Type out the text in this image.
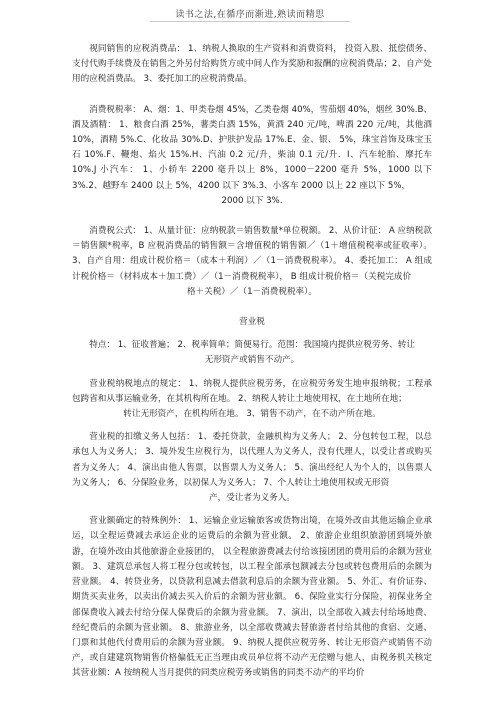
读书之法,在循序而渐进,熟读而精思

视同销售的应税消费品： 1、纳税人换取的生产资料和消费资料， 投资入股、抵偿债务、支付代购手续费及在销售之外另付给购货方或中间人作为奖励和报酬的应税消费品；2、自产处用的应税消费品。 3、委托加工的应税消费品。

消费税税率： A、烟：1、甲类卷烟 45%，乙类卷烟 40%，雪茄烟 40%，烟丝 30%.B、酒及酒精： 1、粮食白酒 25%，薯类白酒 15%，黄酒 240 元/吨，啤酒 220 元/吨，其他酒 10%，酒精 5%.C、化妆品 30%.D、护肤护发品 17%.E、金、银、 5%，珠宝首饰及珠宝玉石 10%.F、鞭炮、焰火 15%.H、汽油 0.2 元/升，柴油 0.1 元/升．I、汽车轮胎、摩托车 10%.J 小汽车： 1、小轿车 2200 毫升以上 8%，1000－2200 毫升 5%，1000 以下 3%.2、越野车 2400 以上 5%，4200 以下 3%.3、小客车 2000 以上 22 座以下 5%，

2000 以下 3%.

消费税公式： 1、从量计征：应纳税款＝销售数量*单位税额。 2、从价计征： A 应纳税款＝销售额*税率，B 应税消费品的销售额＝含增值税的销售额／（1＋增值税税率或征收率）。3、自产自用：组成计税价格＝（成本＋利润）／（1－消费税税率）。 4、委托加工： A 组成计税价格＝（材料成本＋加工费）／（1－消费税税率）， B 组成计税价格＝（关税完成价

格＋关税）／（1－消费税税率）。

营业税

特点： 1、征收普遍； 2、税率简单；简便易行。范围：我国境内提供应税劳务、转让

无形资产或销售不动产。

营业税纳税地点的规定： 1、纳税人提供应税劳务，在应税劳务发生地申报纳税；工程承包跨省和从事运输业务，在其机构所在地。 2、纳税人转让土地使用权，在土地所在地；

转让无形资产，在机构所在地。 3、销售不动产，在不动产所在地。

营业税的扣缴义务人包括： 1、委托贷款，金融机构为义务人； 2、分包转包工程，以总承包人为义务人； 3、境外发生应税行为，以代理人为义务人，没有代理人，以受让者或购买者为义务人； 4、演出由他人售票，以售票人为义务人； 5、演出经纪人为个人的，以售票人为义务人； 6、分保险业务，以初保人为义务人； 7、个人转让土地使用权或无形资

产，受让者为义务人。

营业额确定的特殊例外： 1、运输企业运输旅客或货物出境，在境外改由其他运输企业承运，以全程运费减去承运企业的运费后的余额为营业额。 2、旅游企业组织旅游团到境外旅游，在境外改由其他旅游企业接团的， 以全程旅游费减去付给该接团团的费用后的余额为营业额。 3、建筑总承包人将工程分包或转包，以工程全部承包额减去分包或转包费用后的余额为营业额。 4、转贷业务，以贷款利息减去借款利息后的余额为营业额。 5、外汇、有价证券、期货买卖业务，以卖出价减去买入价后的余额为营业额。 6、保险业实行分保险，初保业务全部保费收入减去付给分保人保费后的余额为营业额。 7、演出，以全部收入减去付给场地费、经纪费后的余额为营业额。 8、旅游业务，以全部收费减去替旅游者付给其他的食宿、交通、门票和其他代付费用后的余额为营业额。 9、纳税人提供应税劳务、转让无形资产或销售不动产，或自建建筑物销售价格偏低无正当理由或员单位将不动产无偿赠与他人，由税务机关核定其营业额：A 按纳税人当月提供的同类应税劳务或销售的同类不动产的平均价
